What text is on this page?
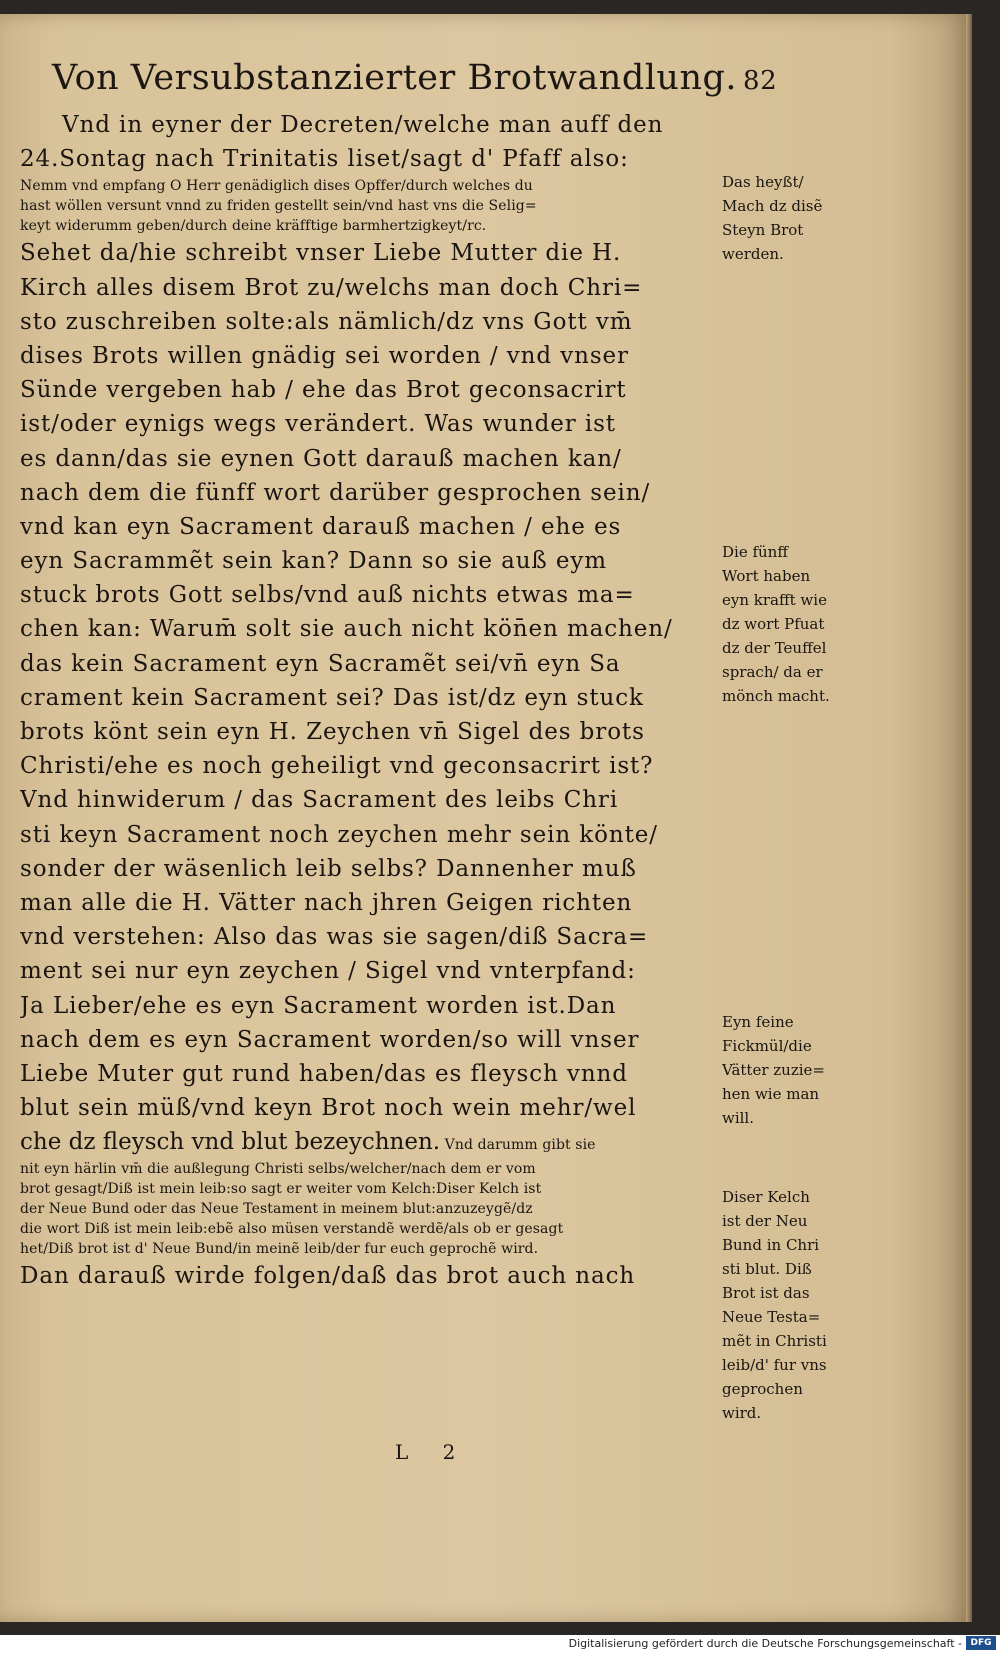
Von Versubstanzierter Brotwandlung. 82
Vnd in eyner der Decreten/welche man auff den
24.Sontag nach Trinitatis liset/sagt d' Pfaff also:
Nemm vnd empfang O Herr genädiglich dises Opffer/durch welches du
hast wöllen versunt vnnd zu friden gestellt sein/vnd hast vns die Selig=
keyt widerumm geben/durch deine kräfftige barmhertzigkeyt/rc.
Sehet da/hie schreibt vnser Liebe Mutter die H.
Kirch alles disem Brot zu/welchs man doch Chri=
sto zuschreiben solte:als nämlich/dz vns Gott vm̄
dises Brots willen gnädig sei worden / vnd vnser
Sünde vergeben hab / ehe das Brot geconsacrirt
ist/oder eynigs wegs verändert. Was wunder ist
es dann/das sie eynen Gott darauß machen kan/
nach dem die fünff wort darüber gesprochen sein/
vnd kan eyn Sacrament darauß machen / ehe es
eyn Sacrammẽt sein kan? Dann so sie auß eym
stuck brots Gott selbs/vnd auß nichts etwas ma=
chen kan: Warum̄ solt sie auch nicht kön̄en machen/
das kein Sacrament eyn Sacramẽt sei/vn̄ eyn Sa
crament kein Sacrament sei? Das ist/dz eyn stuck
brots könt sein eyn H. Zeychen vn̄ Sigel des brots
Christi/ehe es noch geheiligt vnd geconsacrirt ist?
Vnd hinwiderum / das Sacrament des leibs Chri
sti keyn Sacrament noch zeychen mehr sein könte/
sonder der wäsenlich leib selbs? Dannenher muß
man alle die H. Vätter nach jhren Geigen richten
vnd verstehen: Also das was sie sagen/diß Sacra=
ment sei nur eyn zeychen / Sigel vnd vnterpfand:
Ja Lieber/ehe es eyn Sacrament worden ist.Dan
nach dem es eyn Sacrament worden/so will vnser
Liebe Muter gut rund haben/das es fleysch vnnd
blut sein müß/vnd keyn Brot noch wein mehr/wel
che dz fleysch vnd blut bezeychnen. Vnd darumm gibt sie
nit eyn härlin vm̄ die außlegung Christi selbs/welcher/nach dem er vom
brot gesagt/Diß ist mein leib:so sagt er weiter vom Kelch:Diser Kelch ist
der Neue Bund oder das Neue Testament in meinem blut:anzuzeygẽ/dz
die wort Diß ist mein leib:ebẽ also müsen verstandẽ werdẽ/als ob er gesagt
het/Diß brot ist d' Neue Bund/in meinẽ leib/der fur euch geprochẽ wird.
Dan darauß wirde folgen/daß das brot auch nach
Das heyßt/
Mach dz disẽ
Steyn Brot
werden.
Die fünff
Wort haben
eyn krafft wie
dz wort Pfuat
dz der Teuffel
sprach/ da er
mönch macht.
Eyn feine
Fickmül/die
Vätter zuzie=
hen wie man
will.
Diser Kelch
ist der Neu
Bund in Chri
sti blut. Diß
Brot ist das
Neue Testa=
mẽt in Christi
leib/d' fur vns
geprochen
wird.
L 2
Digitalisierung gefördert durch die Deutsche Forschungsgemeinschaft - DFG
